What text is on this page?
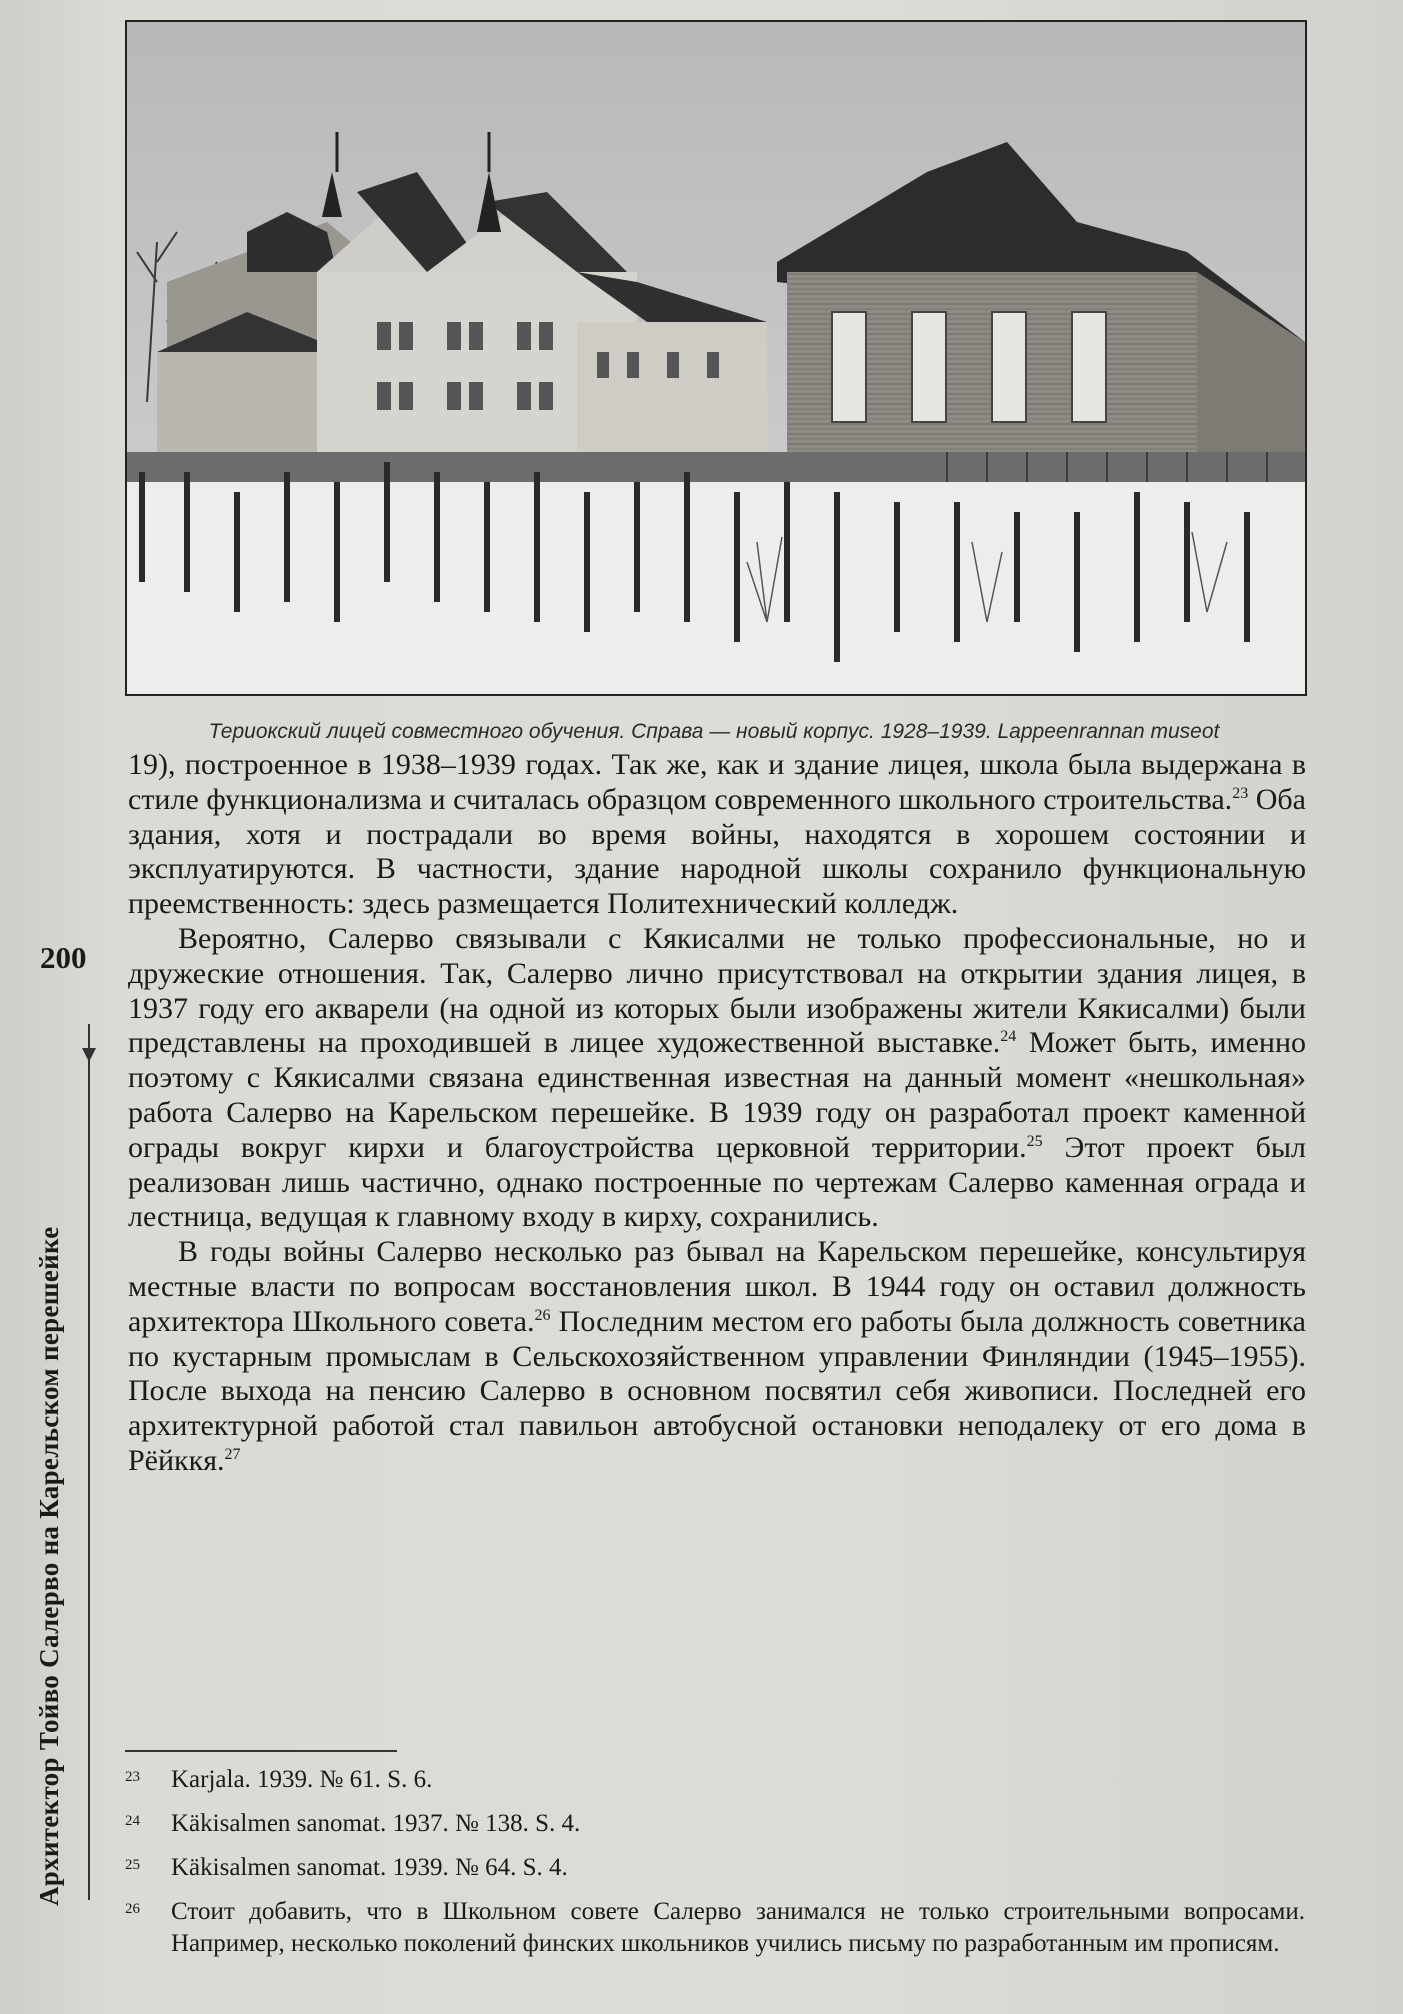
Териокский лицей совместного обучения. Справа — новый корпус. 1928–1939. Lappeenrannan museot

19), построенное в 1938–1939 годах. Так же, как и здание лицея, школа была выдержана в стиле функционализма и считалась образцом современного школьного строительства.$^{23}$ Оба здания, хотя и пострадали во время войны, находятся в хорошем состоянии и эксплуатируются. В частности, здание народной школы сохранило функциональную преемственность: здесь размещается Политехнический колледж.

Вероятно, Салерво связывали с Кякисалми не только профессиональные, но и дружеские отношения. Так, Салерво лично присутствовал на открытии здания лицея, в 1937 году его акварели (на одной из которых были изображены жители Кякисалми) были представлены на проходившей в лицее художественной выставке.$^{24}$ Может быть, именно поэтому с Кякисалми связана единственная известная на данный момент «нешкольная» работа Салерво на Карельском перешейке. В 1939 году он разработал проект каменной ограды вокруг кирхи и благоустройства церковной территории.$^{25}$ Этот проект был реализован лишь частично, однако построенные по чертежам Салерво каменная ограда и лестница, ведущая к главному входу в кирху, сохранились.

В годы войны Салерво несколько раз бывал на Карельском перешейке, консультируя местные власти по вопросам восстановления школ. В 1944 году он оставил должность архитектора Школьного совета.$^{26}$ Последним местом его работы была должность советника по кустарным промыслам в Сельскохозяйственном управлении Финляндии (1945–1955). После выхода на пенсию Салерво в основном посвятил себя живописи. Последней его архитектурной работой стал павильон автобусной остановки неподалеку от его дома в Рёйккя.$^{27}$

200
Архитектор Тойво Салерво на Карельском перешейке	23 Karjala. 1939. № 61. S. 6.
24 Käkisalmen sanomat. 1937. № 138. S. 4.
25 Käkisalmen sanomat. 1939. № 64. S. 4.
26 Стоит добавить, что в Школьном совете Салерво занимался не только строительными вопросами. Например, несколько поколений финских школьников учились письму по разработанным им прописям.
